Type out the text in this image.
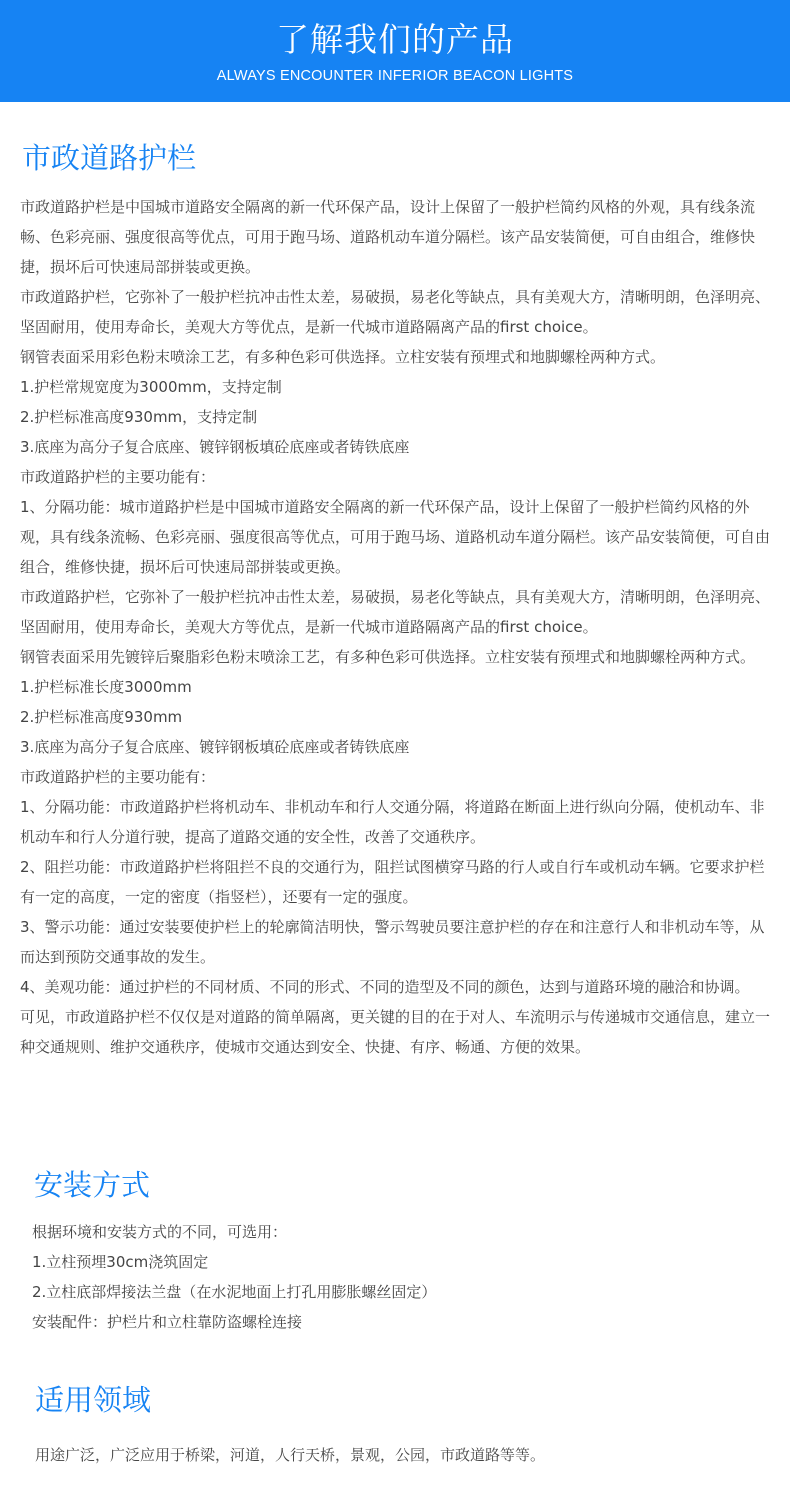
了解我们的产品
ALWAYS ENCOUNTER INFERIOR BEACON LIGHTS
市政道路护栏

市政道路护栏是中国城市道路安全隔离的新一代环保产品，设计上保留了一般护栏简约风格的外观，具有线条流畅、色彩亮丽、强度很高等优点，可用于跑马场、道路机动车道分隔栏。该产品安装简便，可自由组合，维修快捷，损坏后可快速局部拼装或更换。

市政道路护栏，它弥补了一般护栏抗冲击性太差，易破损，易老化等缺点，具有美观大方，清晰明朗，色泽明亮、坚固耐用，使用寿命长，美观大方等优点，是新一代城市道路隔离产品的first choice。

钢管表面采用彩色粉末喷涂工艺，有多种色彩可供选择。立柱安装有预埋式和地脚螺栓两种方式。

1.护栏常规宽度为3000mm，支持定制

2.护栏标准高度930mm，支持定制

3.底座为高分子复合底座、镀锌钢板填砼底座或者铸铁底座

市政道路护栏的主要功能有：

1、分隔功能：城市道路护栏是中国城市道路安全隔离的新一代环保产品，设计上保留了一般护栏简约风格的外观，具有线条流畅、色彩亮丽、强度很高等优点，可用于跑马场、道路机动车道分隔栏。该产品安装简便，可自由组合，维修快捷，损坏后可快速局部拼装或更换。

市政道路护栏，它弥补了一般护栏抗冲击性太差，易破损，易老化等缺点，具有美观大方，清晰明朗，色泽明亮、坚固耐用，使用寿命长，美观大方等优点，是新一代城市道路隔离产品的first choice。

钢管表面采用先镀锌后聚脂彩色粉末喷涂工艺，有多种色彩可供选择。立柱安装有预埋式和地脚螺栓两种方式。

1.护栏标准长度3000mm

2.护栏标准高度930mm

3.底座为高分子复合底座、镀锌钢板填砼底座或者铸铁底座

市政道路护栏的主要功能有：

1、分隔功能：市政道路护栏将机动车、非机动车和行人交通分隔，将道路在断面上进行纵向分隔，使机动车、非机动车和行人分道行驶，提高了道路交通的安全性，改善了交通秩序。

2、阻拦功能：市政道路护栏将阻拦不良的交通行为，阻拦试图横穿马路的行人或自行车或机动车辆。它要求护栏有一定的高度，一定的密度（指竖栏），还要有一定的强度。

3、警示功能：通过安装要使护栏上的轮廓简洁明快，警示驾驶员要注意护栏的存在和注意行人和非机动车等，从而达到预防交通事故的发生。

4、美观功能：通过护栏的不同材质、不同的形式、不同的造型及不同的颜色，达到与道路环境的融洽和协调。

可见，市政道路护栏不仅仅是对道路的简单隔离，更关键的目的在于对人、车流明示与传递城市交通信息，建立一种交通规则、维护交通秩序，使城市交通达到安全、快捷、有序、畅通、方便的效果。

安装方式

根据环境和安装方式的不同，可选用：

1.立柱预埋30cm浇筑固定

2.立柱底部焊接法兰盘（在水泥地面上打孔用膨胀螺丝固定）

安装配件：护栏片和立柱靠防盗螺栓连接

适用领域

用途广泛，广泛应用于桥梁，河道，人行天桥，景观，公园，市政道路等等。
